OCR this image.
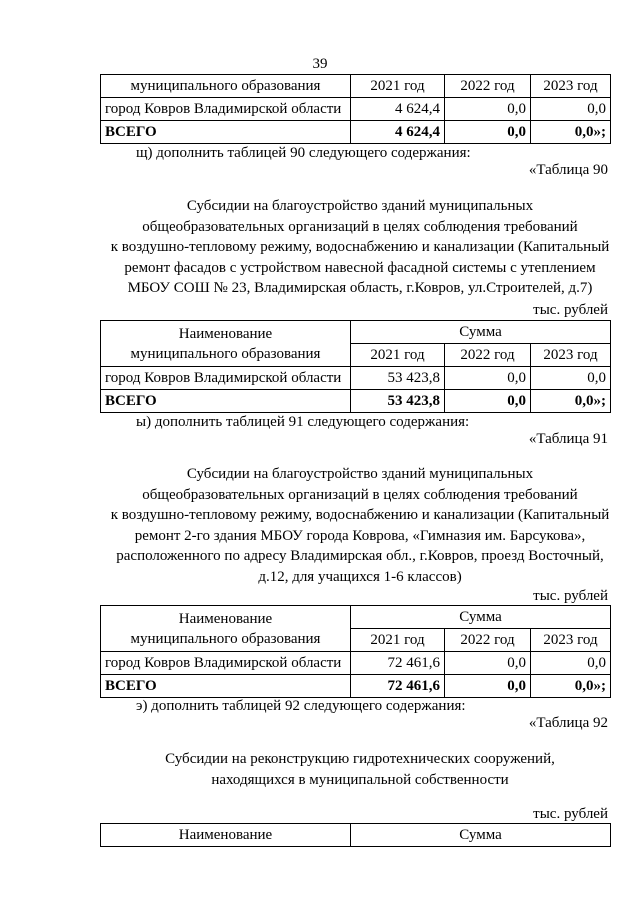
39
муниципального образования	2021 год	2022 год	2023 год
город Ковров Владимирской области	4 624,4	0,0	0,0
ВСЕГО	4 624,4	0,0	0,0»;
щ) дополнить таблицей 90 следующего содержания:
«Таблица 90
Субсидии на благоустройство зданий муниципальных
общеобразовательных организаций в целях соблюдения требований
к воздушно-тепловому режиму, водоснабжению и канализации (Капитальный
ремонт фасадов с устройством навесной фасадной системы с утеплением
МБОУ СОШ № 23, Владимирская область, г.Ковров, ул.Строителей, д.7)
тыс. рублей
Наименование
муниципального образования	Сумма		
	2021 год	2022 год	2023 год
город Ковров Владимирской области	53 423,8	0,0	0,0
ВСЕГО	53 423,8	0,0	0,0»;
ы) дополнить таблицей 91 следующего содержания:
«Таблица 91
Субсидии на благоустройство зданий муниципальных
общеобразовательных организаций в целях соблюдения требований
к воздушно-тепловому режиму, водоснабжению и канализации (Капитальный
ремонт 2-го здания МБОУ города Коврова, «Гимназия им. Барсукова»,
расположенного по адресу Владимирская обл., г.Ковров, проезд Восточный,
д.12, для учащихся 1-6 классов)
тыс. рублей
Наименование
муниципального образования	Сумма		
	2021 год	2022 год	2023 год
город Ковров Владимирской области	72 461,6	0,0	0,0
ВСЕГО	72 461,6	0,0	0,0»;
э) дополнить таблицей 92 следующего содержания:
«Таблица 92
Субсидии на реконструкцию гидротехнических сооружений,
находящихся в муниципальной собственности
тыс. рублей
Наименование	Сумма
